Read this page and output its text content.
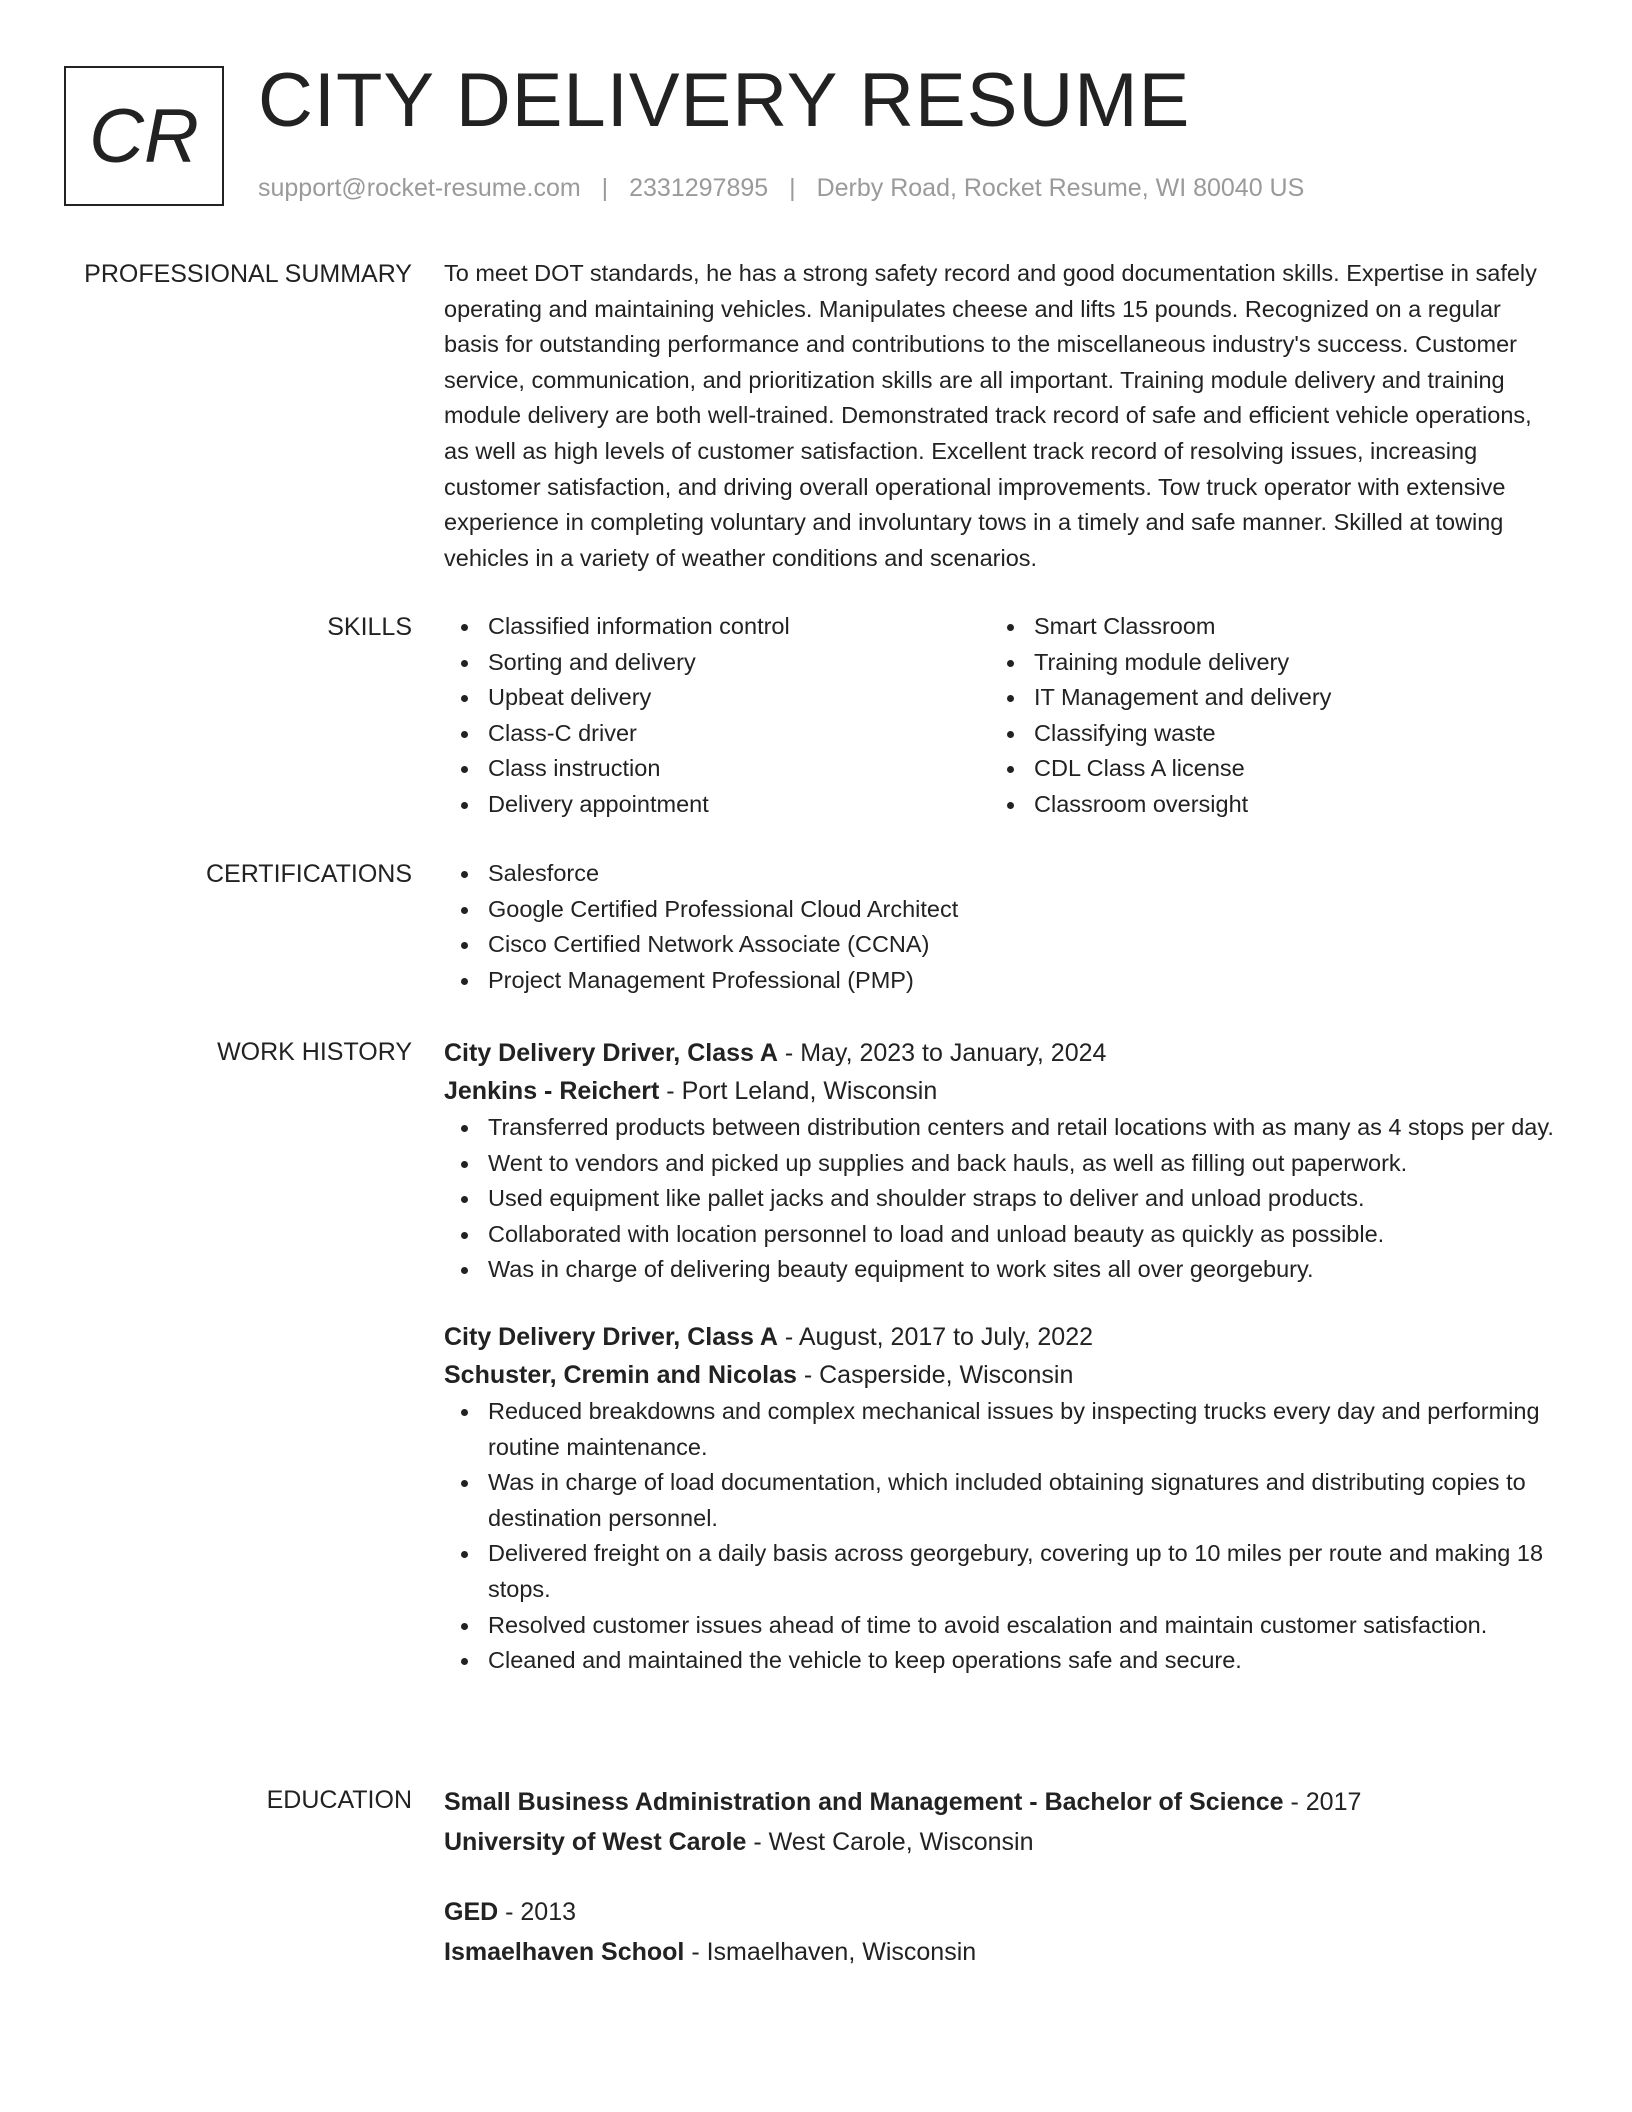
CR CITY DELIVERY RESUME
support@rocket-resume.com | 2331297895 | Derby Road, Rocket Resume, WI 80040 US
PROFESSIONAL SUMMARY To meet DOT standards, he has a strong safety record and good documentation skills. Expertise in safely operating and maintaining vehicles. Manipulates cheese and lifts 15 pounds. Recognized on a regular basis for outstanding performance and contributions to the miscellaneous industry's success. Customer service, communication, and prioritization skills are all important. Training module delivery and training module delivery are both well-trained. Demonstrated track record of safe and efficient vehicle operations, as well as high levels of customer satisfaction. Excellent track record of resolving issues, increasing customer satisfaction, and driving overall operational improvements. Tow truck operator with extensive experience in completing voluntary and involuntary tows in a timely and safe manner. Skilled at towing vehicles in a variety of weather conditions and scenarios.

SKILLS	Classified information control
Sorting and delivery
Upbeat delivery
Class-C driver
Class instruction
Delivery appointment
Smart Classroom
Training module delivery
IT Management and delivery
Classifying waste
CDL Class A license
Classroom oversight
CERTIFICATIONS	Salesforce
Google Certified Professional Cloud Architect
Cisco Certified Network Associate (CCNA)
Project Management Professional (PMP)
WORK HISTORY City Delivery Driver, Class A - May, 2023 to January, 2024
Jenkins - Reichert - Port Leland, Wisconsin
Transferred products between distribution centers and retail locations with as many as 4 stops per day.
Went to vendors and picked up supplies and back hauls, as well as filling out paperwork.
Used equipment like pallet jacks and shoulder straps to deliver and unload products.
Collaborated with location personnel to load and unload beauty as quickly as possible.
Was in charge of delivering beauty equipment to work sites all over georgebury.
City Delivery Driver, Class A - August, 2017 to July, 2022
Schuster, Cremin and Nicolas - Casperside, Wisconsin
Reduced breakdowns and complex mechanical issues by inspecting trucks every day and performing routine maintenance.
Was in charge of load documentation, which included obtaining signatures and distributing copies to destination personnel.
Delivered freight on a daily basis across georgebury, covering up to 10 miles per route and making 18 stops.
Resolved customer issues ahead of time to avoid escalation and maintain customer satisfaction.
Cleaned and maintained the vehicle to keep operations safe and secure.
EDUCATION Small Business Administration and Management - Bachelor of Science - 2017
University of West Carole - West Carole, Wisconsin
GED - 2013
Ismaelhaven School - Ismaelhaven, Wisconsin
